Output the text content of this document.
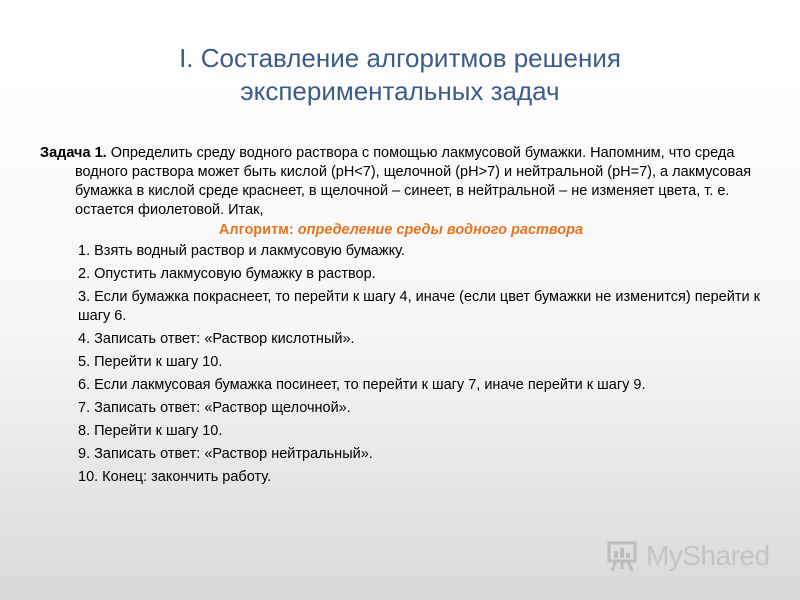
I. Составление алгоритмов решения экспериментальных задач

Задача 1. Определить среду водного раствора с помощью лакмусовой бумажки. Напомним, что среда водного раствора может быть кислой (pH<7), щелочной (pH>7) и нейтральной (pH=7), а лакмусовая бумажка в кислой среде краснеет, в щелочной – синеет, в нейтральной – не изменяет цвета, т. е. остается фиолетовой. Итак,

Алгоритм: определение среды водного раствора

1. Взять водный раствор и лакмусовую бумажку.
2. Опустить лакмусовую бумажку в раствор.
3. Если бумажка покраснеет, то перейти к шагу 4, иначе (если цвет бумажки не изменится) перейти к шагу 6.
4. Записать ответ: «Раствор кислотный».
5. Перейти к шагу 10.
6. Если лакмусовая бумажка посинеет, то перейти к шагу 7, иначе перейти к шагу 9.
7. Записать ответ: «Раствор щелочной».
8. Перейти к шагу 10.
9. Записать ответ: «Раствор нейтральный».
10. Конец: закончить работу.
MyShared
